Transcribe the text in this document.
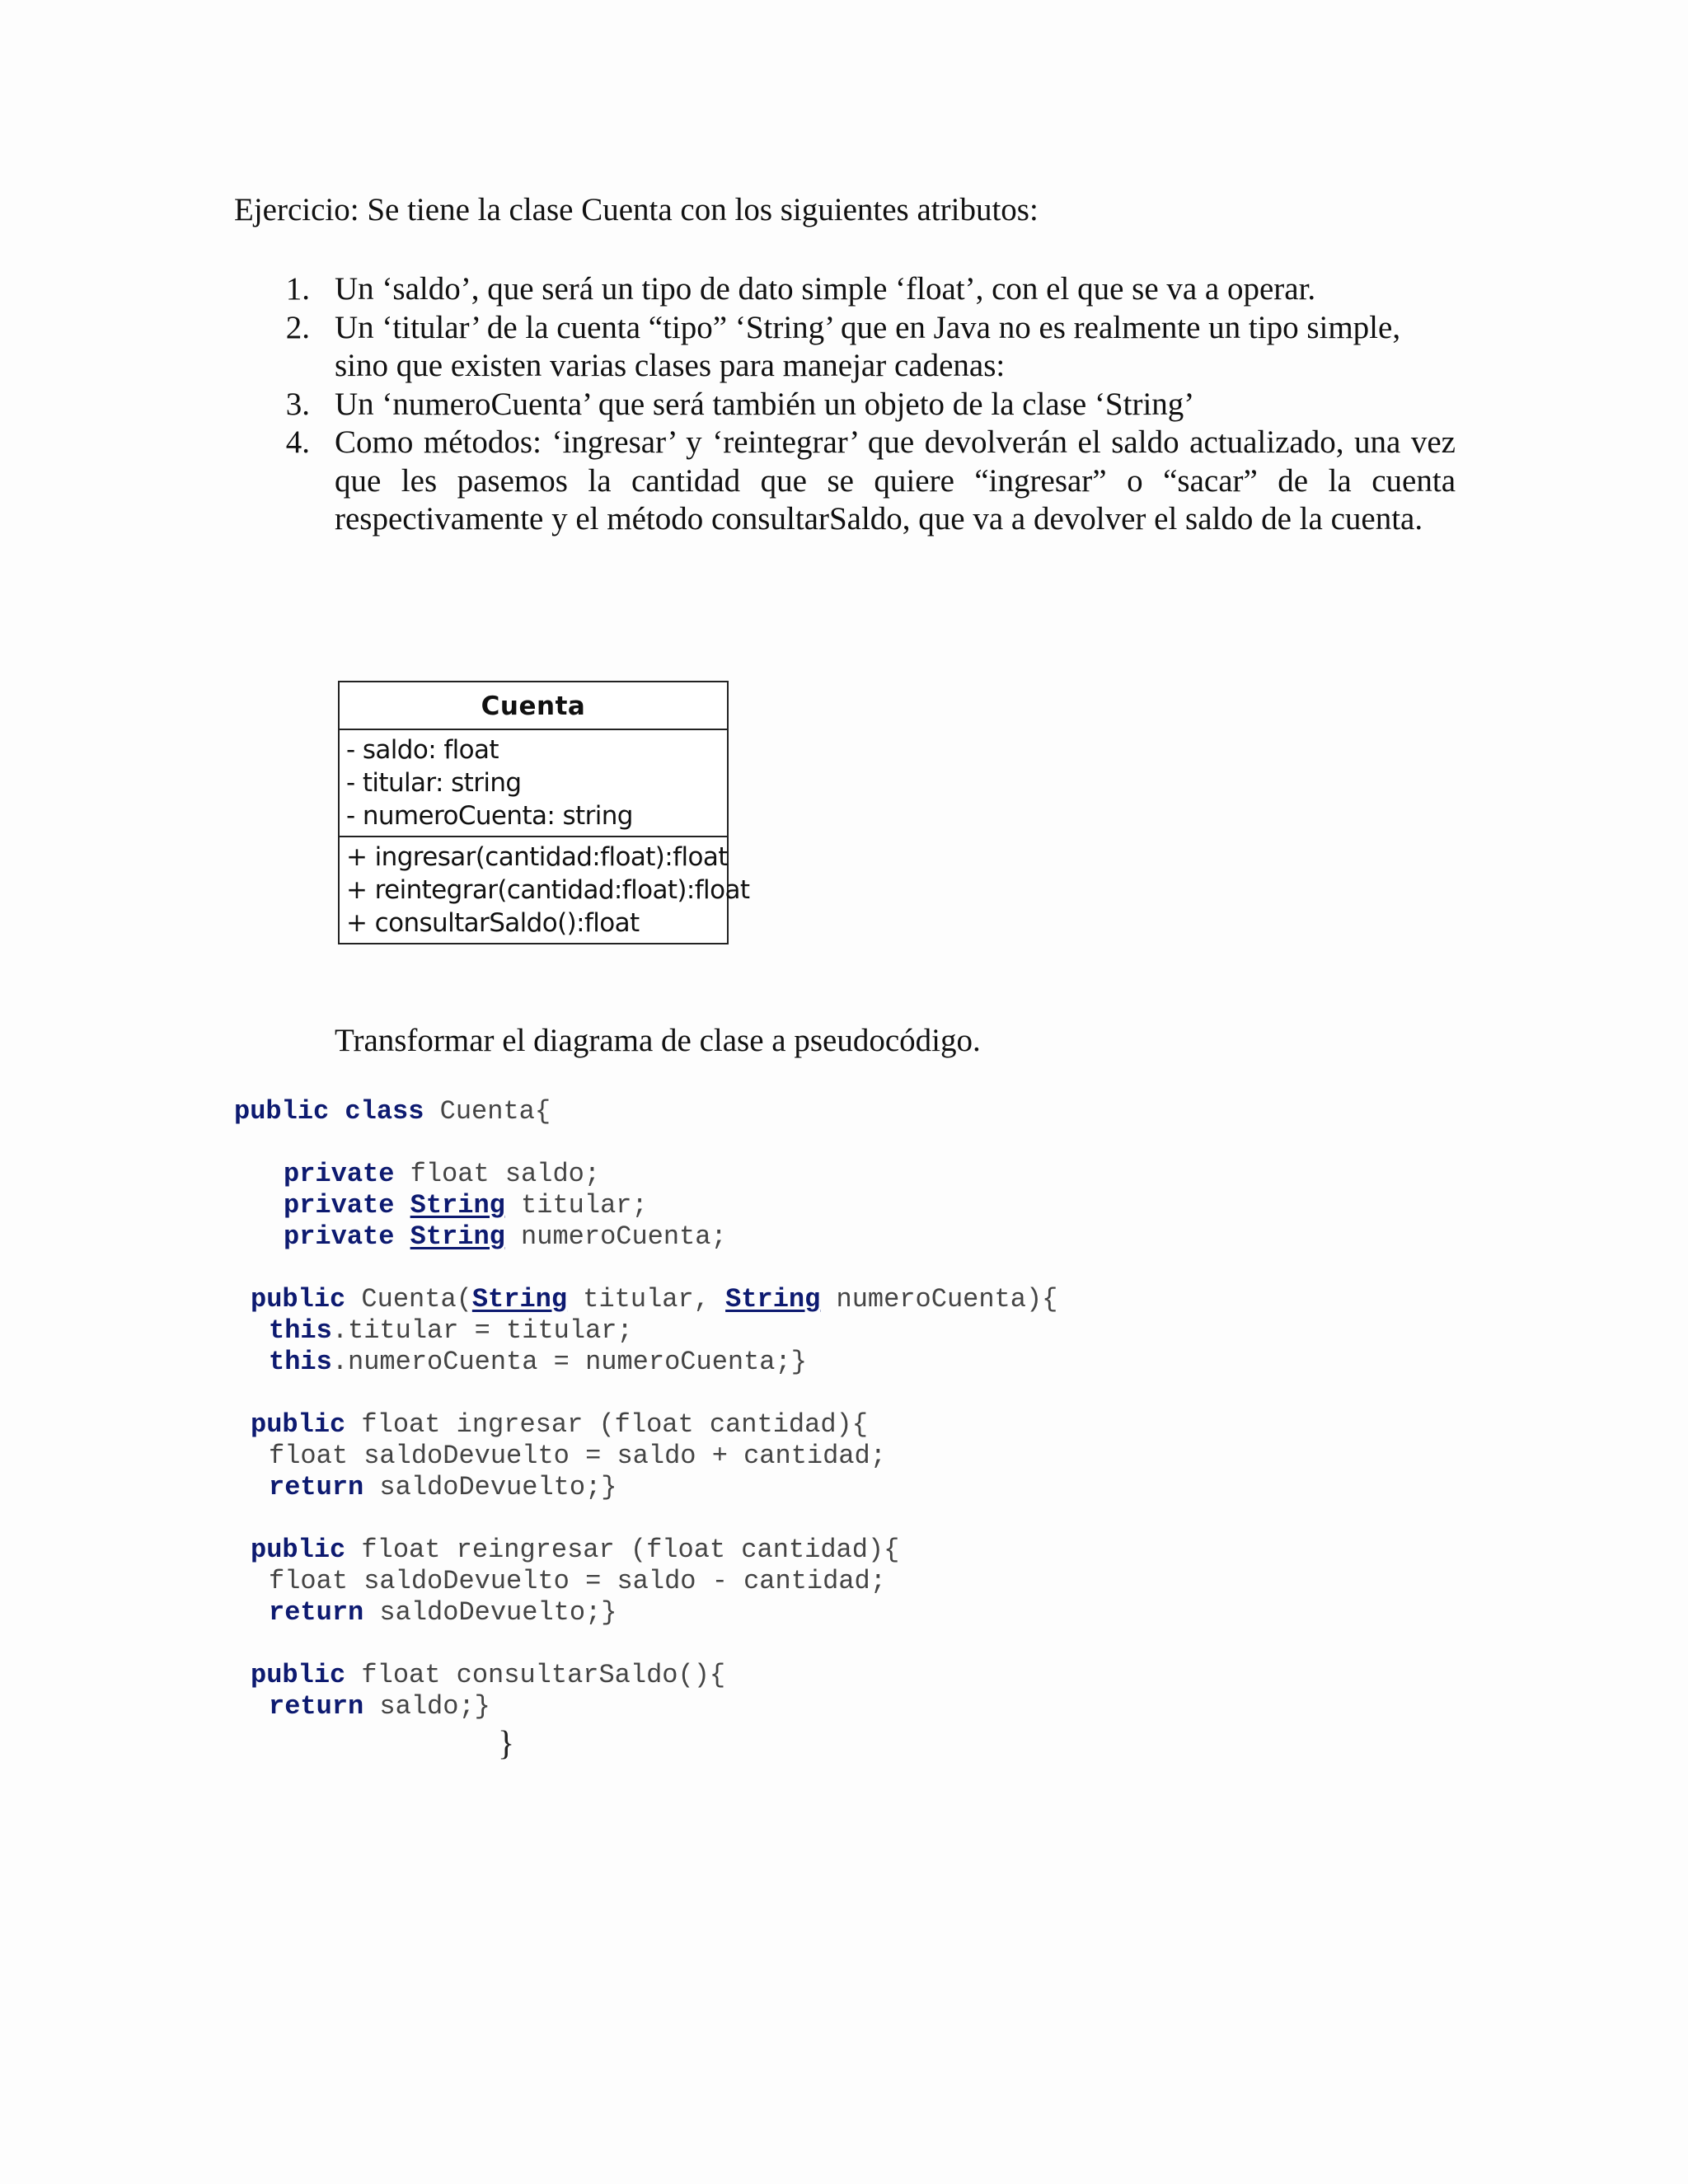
Ejercicio: Se tiene la clase Cuenta con los siguientes atributos:

1. Un ‘saldo’, que será un tipo de dato simple ‘float’, con el que se va a operar.
2. Un ‘titular’ de la cuenta “tipo” ‘String’ que en Java no es realmente un tipo simple, sino que existen varias clases para manejar cadenas:
3. Un ‘numeroCuenta’ que será también un objeto de la clase ‘String’
4. Como métodos: ‘ingresar’ y ‘reintegrar’ que devolverán el saldo actualizado, una vez que les pasemos la cantidad que se quiere “ingresar” o “sacar” de la cuenta respectivamente y el método consultarSaldo, que va a devolver el saldo de la cuenta.
Cuenta
- saldo: float
- titular: string
- numeroCuenta: string
+ ingresar(cantidad:float):float
+ reintegrar(cantidad:float):float
+ consultarSaldo():float

Transformar el diagrama de clase a pseudocódigo.

public class Cuenta{

private float saldo;

private String titular;

private String numeroCuenta;

public Cuenta(String titular, String numeroCuenta){

this.titular = titular;

this.numeroCuenta = numeroCuenta;}

public float ingresar (float cantidad){

float saldoDevuelto = saldo + cantidad;

return saldoDevuelto;}

public float reingresar (float cantidad){

float saldoDevuelto = saldo - cantidad;

return saldoDevuelto;}

public float consultarSaldo(){

return saldo;}

}
